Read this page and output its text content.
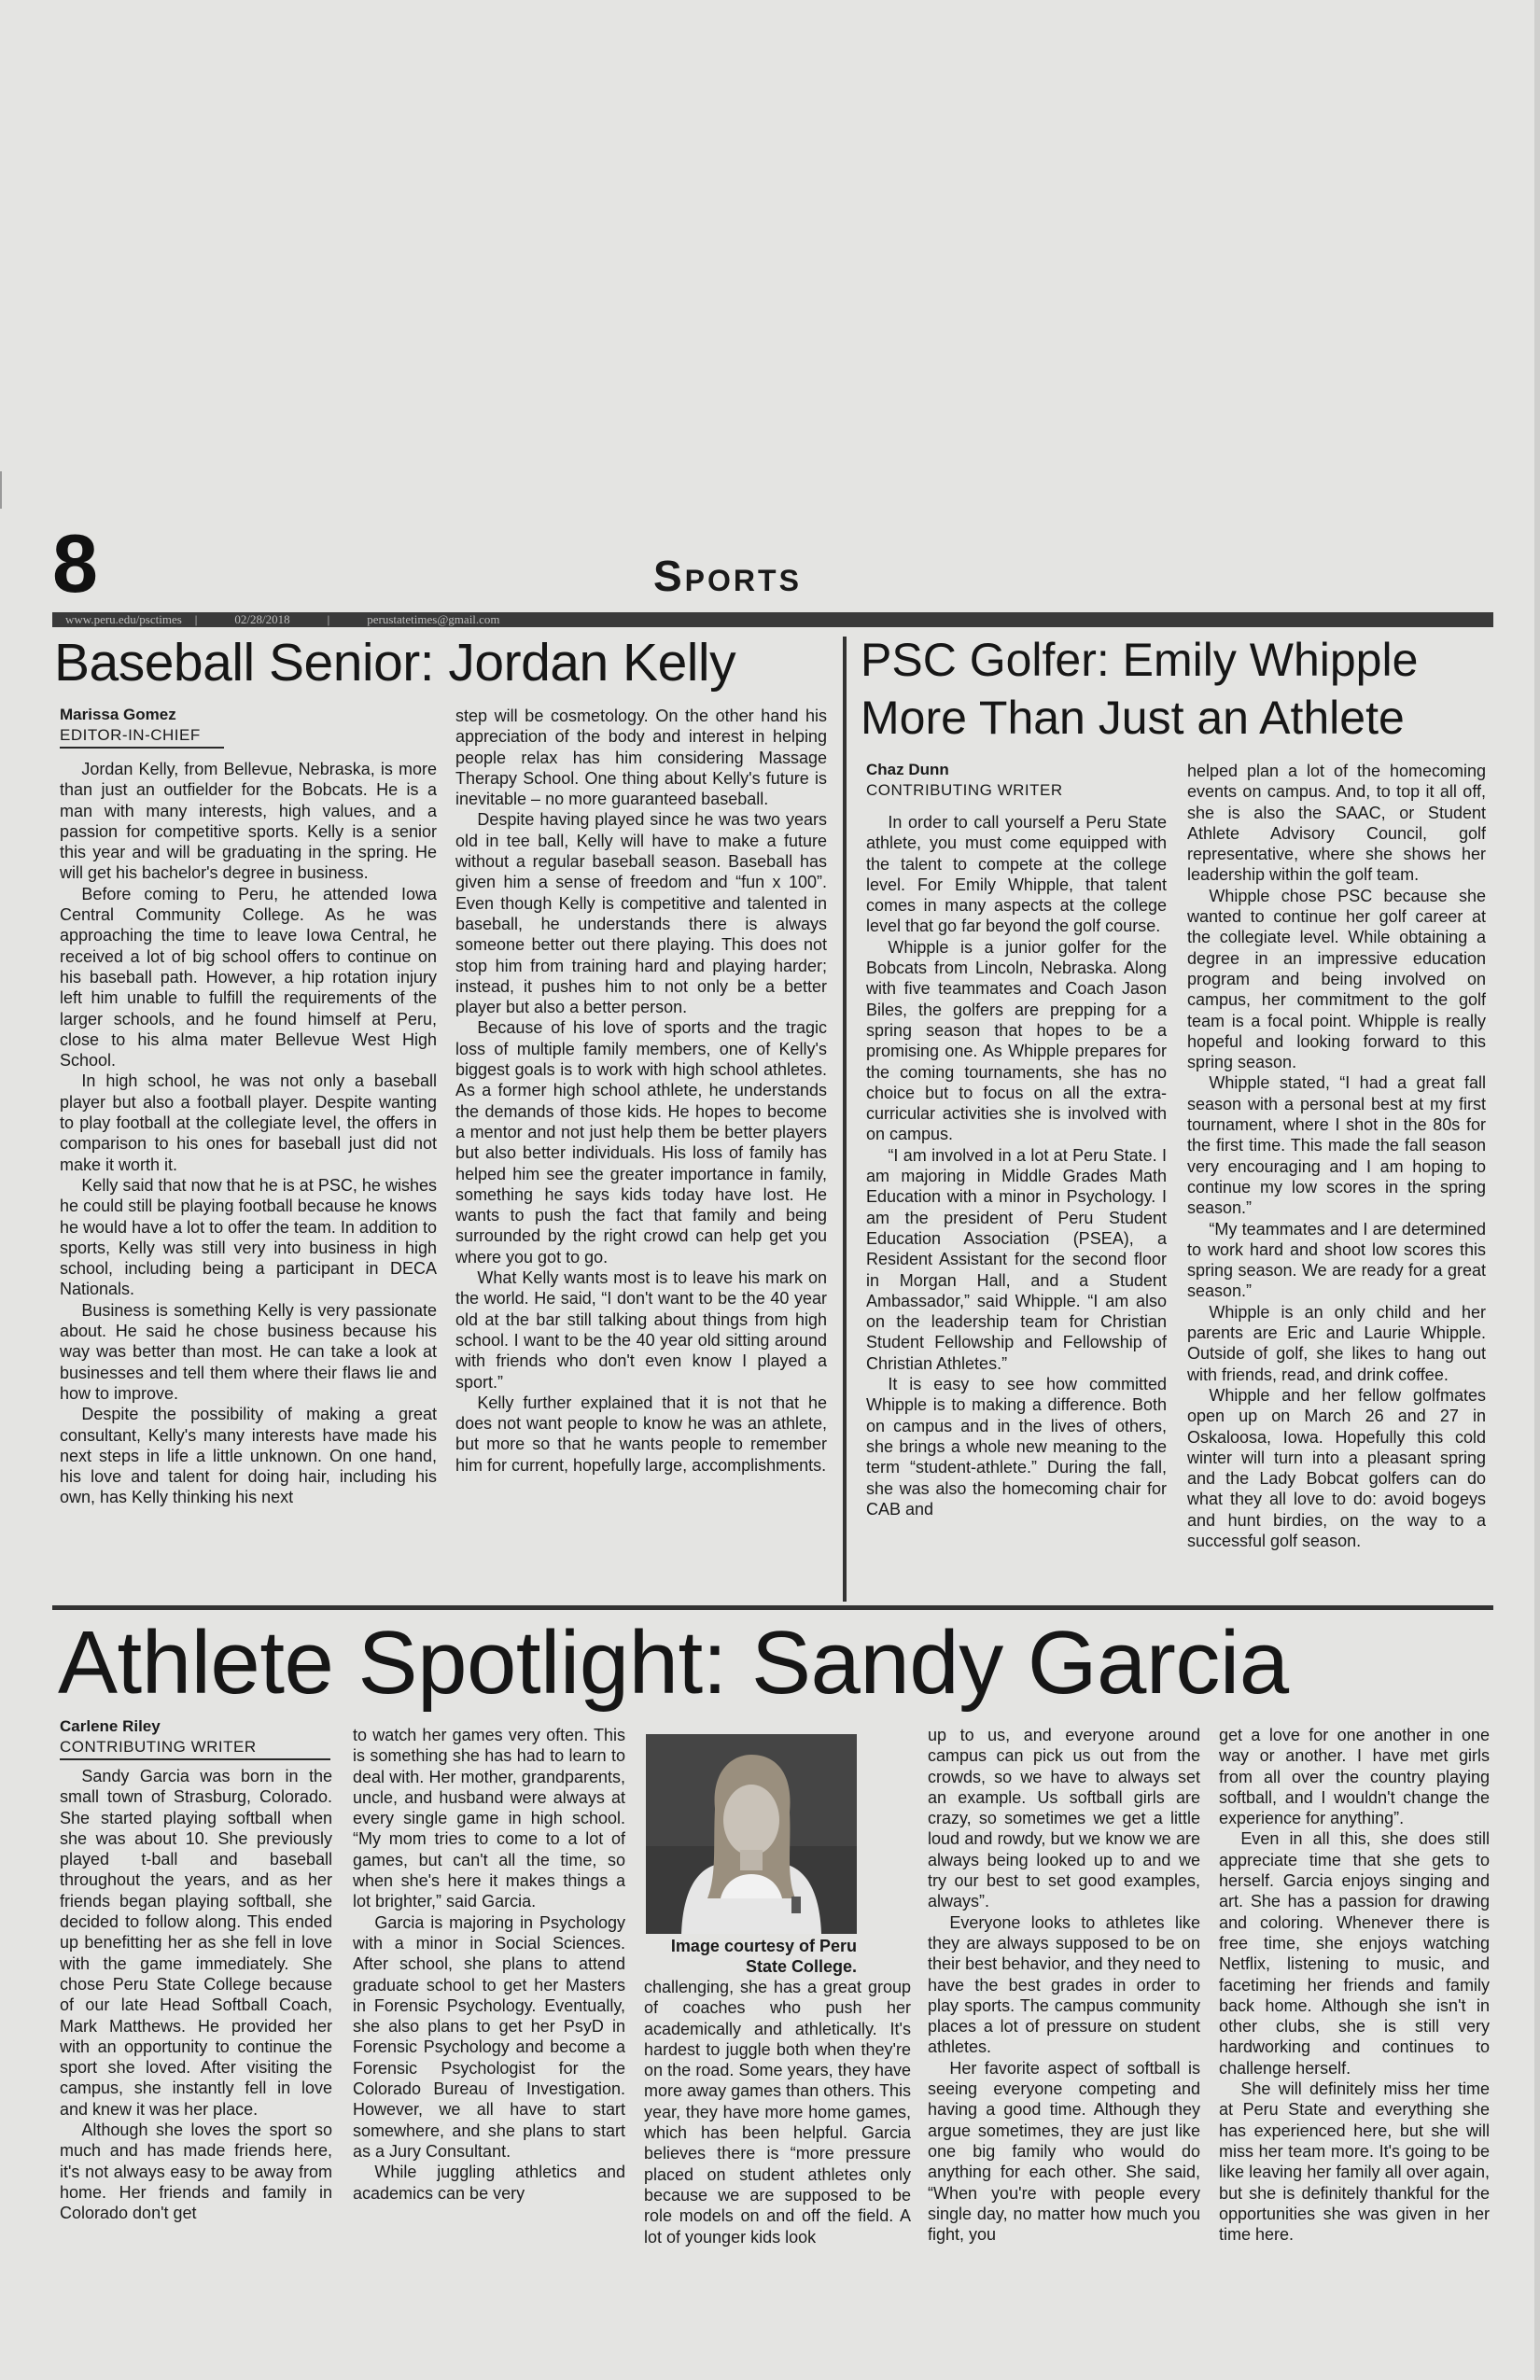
8	Sports
www.peru.edu/psctimes	|	02/28/2018	|	perustatetimes@gmail.com
Baseball Senior: Jordan Kelly

Marissa Gomez

EDITOR-IN-CHIEF

Jordan Kelly, from Bellevue, Nebraska, is more than just an outfielder for the Bobcats. He is a man with many interests, high values, and a passion for competitive sports. Kelly is a senior this year and will be graduating in the spring. He will get his bachelor's degree in business.

Before coming to Peru, he attended Iowa Central Community College. As he was approaching the time to leave Iowa Central, he received a lot of big school offers to continue on his baseball path. However, a hip rotation injury left him unable to fulfill the requirements of the larger schools, and he found himself at Peru, close to his alma mater Bellevue West High School.

In high school, he was not only a baseball player but also a football player. Despite wanting to play football at the collegiate level, the offers in comparison to his ones for baseball just did not make it worth it.

Kelly said that now that he is at PSC, he wishes he could still be playing football because he knows he would have a lot to offer the team. In addition to sports, Kelly was still very into business in high school, including being a participant in DECA Nationals.

Business is something Kelly is very passionate about. He said he chose business because his way was better than most. He can take a look at businesses and tell them where their flaws lie and how to improve.

Despite the possibility of making a great consultant, Kelly's many interests have made his next steps in life a little unknown. On one hand, his love and talent for doing hair, including his own, has Kelly thinking his next

step will be cosmetology. On the other hand his appreciation of the body and interest in helping people relax has him considering Massage Therapy School. One thing about Kelly's future is inevitable – no more guaranteed baseball.

Despite having played since he was two years old in tee ball, Kelly will have to make a future without a regular baseball season. Baseball has given him a sense of freedom and “fun x 100”. Even though Kelly is competitive and talented in baseball, he understands there is always someone better out there playing. This does not stop him from training hard and playing harder; instead, it pushes him to not only be a better player but also a better person.

Because of his love of sports and the tragic loss of multiple family members, one of Kelly's biggest goals is to work with high school athletes. As a former high school athlete, he understands the demands of those kids. He hopes to become a mentor and not just help them be better players but also better individuals. His loss of family has helped him see the greater importance in family, something he says kids today have lost. He wants to push the fact that family and being surrounded by the right crowd can help get you where you got to go.

What Kelly wants most is to leave his mark on the world. He said, “I don't want to be the 40 year old at the bar still talking about things from high school. I want to be the 40 year old sitting around with friends who don't even know I played a sport.”

Kelly further explained that it is not that he does not want people to know he was an athlete, but more so that he wants people to remember him for current, hopefully large, accomplishments.

PSC Golfer: Emily Whipple
More Than Just an Athlete

Chaz Dunn

CONTRIBUTING WRITER

In order to call yourself a Peru State athlete, you must come equipped with the talent to compete at the college level. For Emily Whipple, that talent comes in many aspects at the college level that go far beyond the golf course.

Whipple is a junior golfer for the Bobcats from Lincoln, Nebraska. Along with five teammates and Coach Jason Biles, the golfers are prepping for a spring season that hopes to be a promising one. As Whipple prepares for the coming tournaments, she has no choice but to focus on all the extra-curricular activities she is involved with on campus.

“I am involved in a lot at Peru State. I am majoring in Middle Grades Math Education with a minor in Psychology. I am the president of Peru Student Education Association (PSEA), a Resident Assistant for the second floor in Morgan Hall, and a Student Ambassador,” said Whipple. “I am also on the leadership team for Christian Student Fellowship and Fellowship of Christian Athletes.”

It is easy to see how committed Whipple is to making a difference. Both on campus and in the lives of others, she brings a whole new meaning to the term “student-athlete.” During the fall, she was also the homecoming chair for CAB and

helped plan a lot of the homecoming events on campus. And, to top it all off, she is also the SAAC, or Student Athlete Advisory Council, golf representative, where she shows her leadership within the golf team.

Whipple chose PSC because she wanted to continue her golf career at the collegiate level. While obtaining a degree in an impressive education program and being involved on campus, her commitment to the golf team is a focal point. Whipple is really hopeful and looking forward to this spring season.

Whipple stated, “I had a great fall season with a personal best at my first tournament, where I shot in the 80s for the first time. This made the fall season very encouraging and I am hoping to continue my low scores in the spring season.”

“My teammates and I are determined to work hard and shoot low scores this spring season. We are ready for a great season.”

Whipple is an only child and her parents are Eric and Laurie Whipple. Outside of golf, she likes to hang out with friends, read, and drink coffee.

Whipple and her fellow golfmates open up on March 26 and 27 in Oskaloosa, Iowa. Hopefully this cold winter will turn into a pleasant spring and the Lady Bobcat golfers can do what they all love to do: avoid bogeys and hunt birdies, on the way to a successful golf season.

Athlete Spotlight: Sandy Garcia

Carlene Riley

CONTRIBUTING WRITER

Sandy Garcia was born in the small town of Strasburg, Colorado. She started playing softball when she was about 10. She previously played t-ball and baseball throughout the years, and as her friends began playing softball, she decided to follow along. This ended up benefitting her as she fell in love with the game immediately. She chose Peru State College because of our late Head Softball Coach, Mark Matthews. He provided her with an opportunity to continue the sport she loved. After visiting the campus, she instantly fell in love and knew it was her place.

Although she loves the sport so much and has made friends here, it's not always easy to be away from home. Her friends and family in Colorado don't get

to watch her games very often. This is something she has had to learn to deal with. Her mother, grandparents, uncle, and husband were always at every single game in high school. “My mom tries to come to a lot of games, but can't all the time, so when she's here it makes things a lot brighter,” said Garcia.

Garcia is majoring in Psychology with a minor in Social Sciences. After school, she plans to attend graduate school to get her Masters in Forensic Psychology. Eventually, she also plans to get her PsyD in Forensic Psychology and become a Forensic Psychologist for the Colorado Bureau of Investigation. However, we all have to start somewhere, and she plans to start as a Jury Consultant.

While juggling athletics and academics can be very

Image courtesy of Peru
State College.

challenging, she has a great group of coaches who push her academically and athletically. It's hardest to juggle both when they're on the road. Some years, they have more away games than others. This year, they have more home games, which has been helpful. Garcia believes there is “more pressure placed on student athletes only because we are supposed to be role models on and off the field. A lot of younger kids look

up to us, and everyone around campus can pick us out from the crowds, so we have to always set an example. Us softball girls are crazy, so sometimes we get a little loud and rowdy, but we know we are always being looked up to and we try our best to set good examples, always”.

Everyone looks to athletes like they are always supposed to be on their best behavior, and they need to have the best grades in order to play sports. The campus community places a lot of pressure on student athletes.

Her favorite aspect of softball is seeing everyone competing and having a good time. Although they argue sometimes, they are just like one big family who would do anything for each other. She said, “When you're with people every single day, no matter how much you fight, you

get a love for one another in one way or another. I have met girls from all over the country playing softball, and I wouldn't change the experience for anything”.

Even in all this, she does still appreciate time that she gets to herself. Garcia enjoys singing and art. She has a passion for drawing and coloring. Whenever there is free time, she enjoys watching Netflix, listening to music, and facetiming her friends and family back home. Although she isn't in other clubs, she is still very hardworking and continues to challenge herself.

She will definitely miss her time at Peru State and everything she has experienced here, but she will miss her team more. It's going to be like leaving her family all over again, but she is definitely thankful for the opportunities she was given in her time here.
